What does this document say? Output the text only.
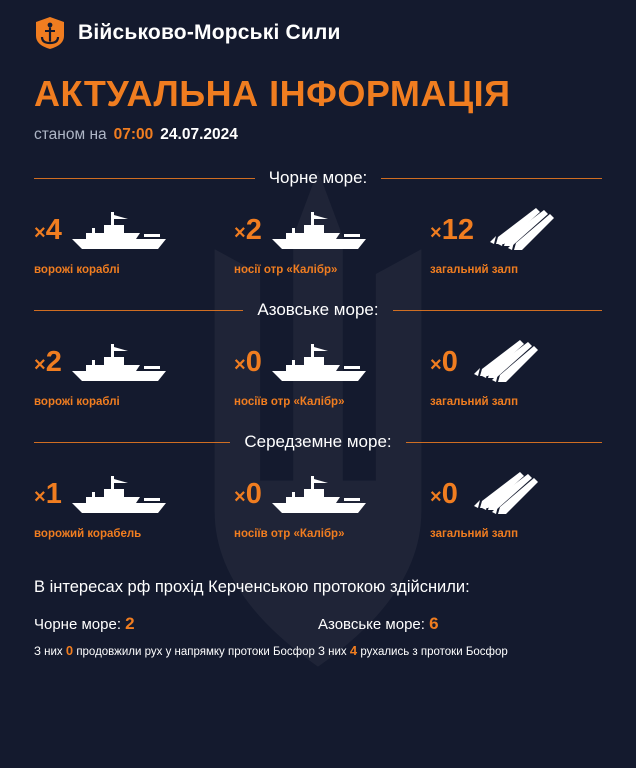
Військово-Морські Сили
АКТУАЛЬНА ІНФОРМАЦІЯ
станом на 07:00 24.07.2024
Чорне море:
×4
ворожі кораблі
×2
носії отр «Калібр»
×12
загальний залп
Азовське море:
×2
ворожі кораблі
×0
носіїв отр «Калібр»
×0
загальний залп
Середземне море:
×1
ворожий корабель
×0
носіїв отр «Калібр»
×0
загальний залп
В інтересах рф прохід Керченською протокою здійснили:
Чорне море: 2
З них 0 продовжили рух у напрямку протоки Босфор
Азовське море: 6
З них 4 рухались з протоки Босфор
